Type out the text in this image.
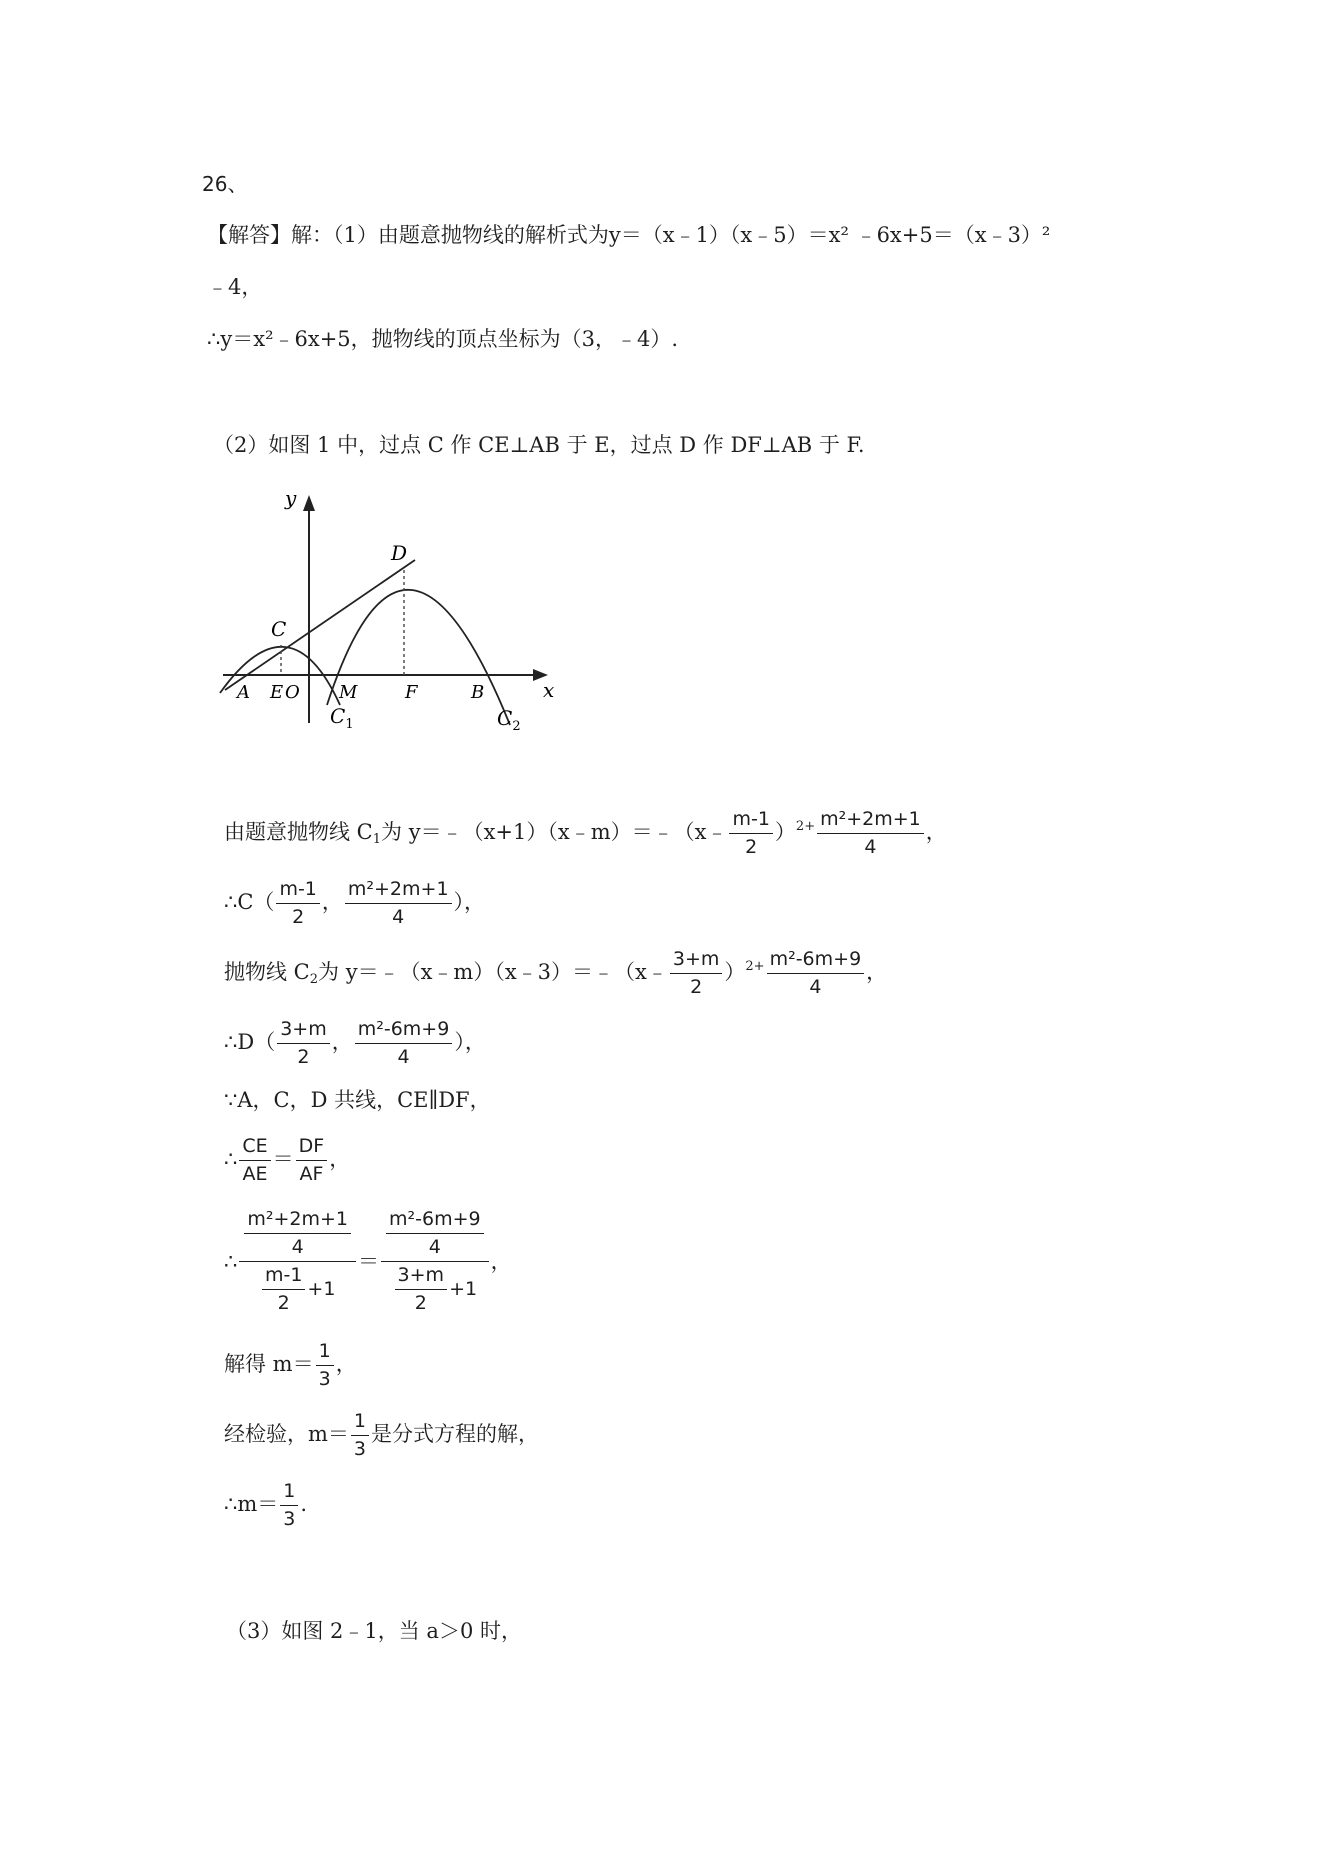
26、
【解答】解：（1）由题意抛物线的解析式为y＝（x﹣1）（x﹣5）＝x² ﹣6x+5＝（x﹣3）²
﹣4，
∴y＝x²﹣6x+5，抛物线的顶点坐标为（3，﹣4）.
（2）如图 1 中，过点 C 作 CE⊥AB 于 E，过点 D 作 DF⊥AB 于 F.
y
x
D
C
A E O M	F	B
$C_1$	$C_2$
由题意抛物线 $C_1$为 y＝﹣（x+1）（x﹣m）＝﹣（x﹣ $\frac{m-1}{2} )^{2+} \frac{\text{m²+2m+1}}{4}$ ，
∴C（ $\frac{m-1}{2}$ ， $\frac{\text{m²+2m+1}}{4}$ ），
抛物线 $C_2$为 y＝﹣（x﹣m）（x﹣3）＝﹣（x﹣ $\frac{3+m}{2} )^{2+} \frac{\text{m²-6m+9}}{4}$ ，
∴D（ $\frac{3+m}{2}$ ， $\frac{\text{m²-6m+9}}{4}$ ），
∵A，C，D 共线，CE∥DF，
∴ $\frac{CE}{AE} = \frac{DF}{AF}$ ，
∴ $\frac{\frac{\text{m²+2m+1}}{4}}{\frac{m-1}{2} +1} = \frac{\frac{\text{m²-6m+9}}{4}}{\frac{3+m}{2} +1}$ ，
解得 $m= \frac{1}{3}$ ，
经检验，$m= \frac{1}{3}$ 是分式方程的解，
∴m＝ $\frac{1}{3}$ .
（3）如图 2﹣1，当 a＞0 时，
